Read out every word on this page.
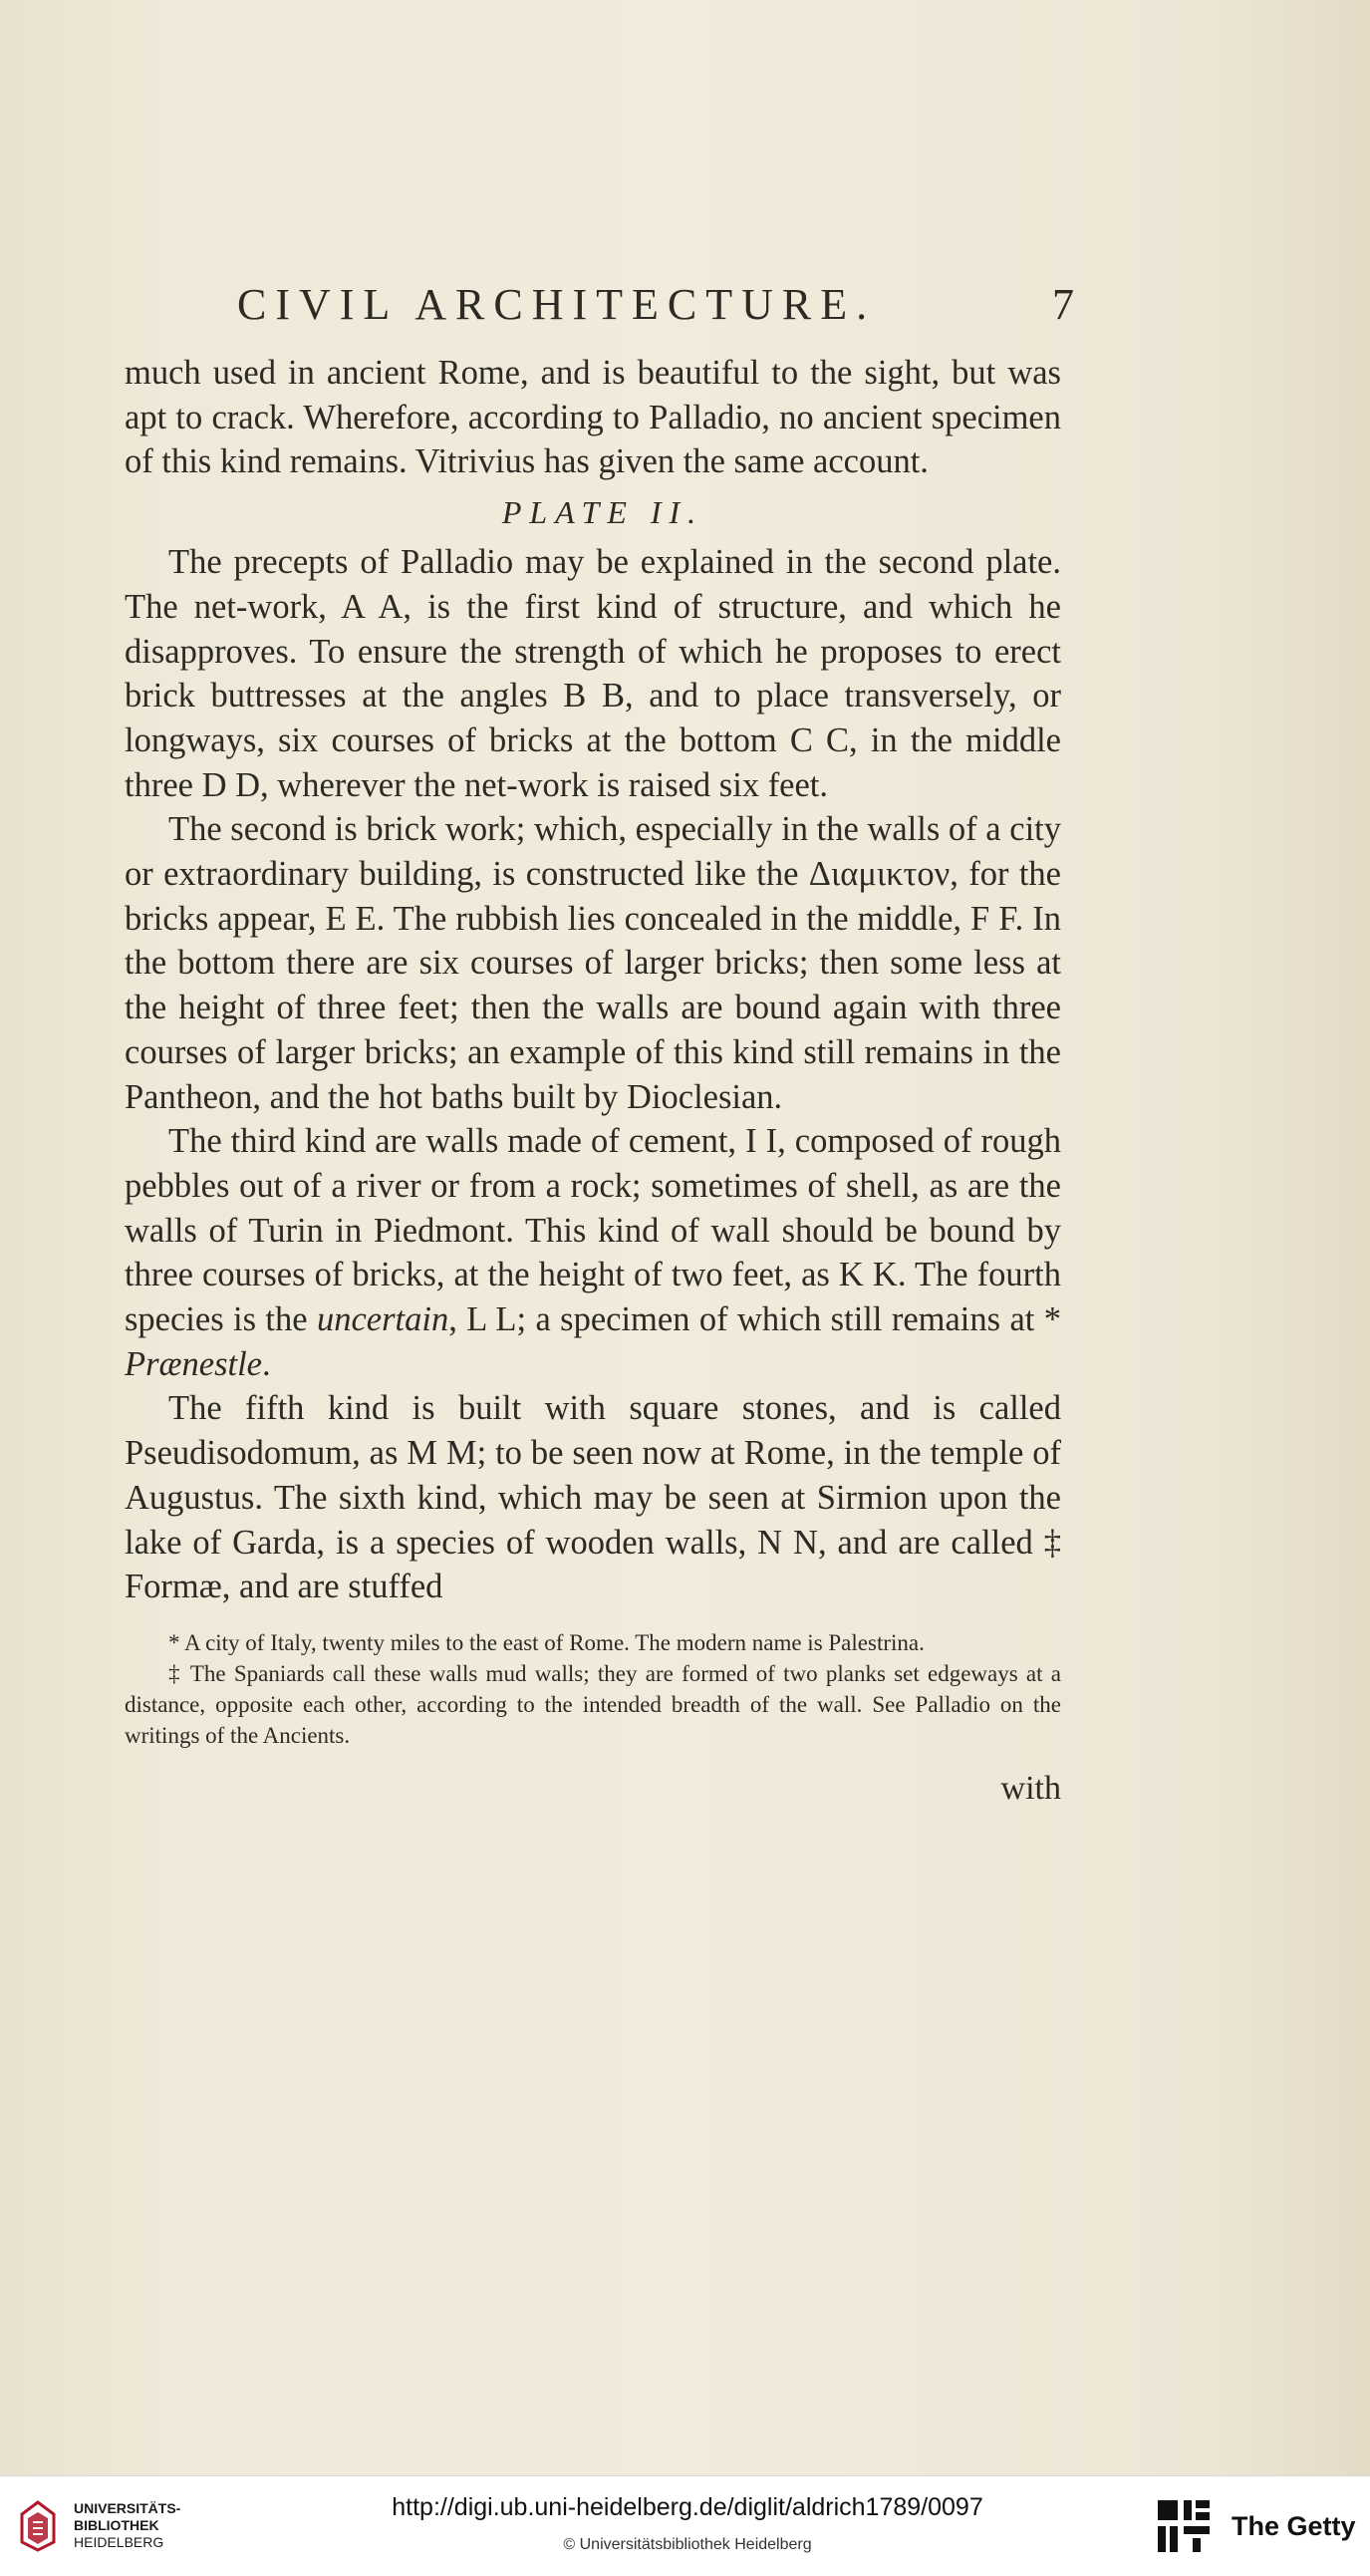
CIVIL ARCHITECTURE.	7

much used in ancient Rome, and is beautiful to the sight, but was apt to crack. Wherefore, according to Palladio, no ancient specimen of this kind remains. Vitrivius has given the same account.

PLATE II.

The precepts of Palladio may be explained in the second plate. The net-work, A A, is the first kind of structure, and which he disapproves. To ensure the strength of which he proposes to erect brick buttresses at the angles B B, and to place transversely, or longways, six courses of bricks at the bottom C C, in the middle three D D, wherever the net-work is raised six feet.

The second is brick work; which, especially in the walls of a city or extraordinary building, is constructed like the Διαμικτον, for the bricks appear, E E. The rubbish lies concealed in the middle, F F. In the bottom there are six courses of larger bricks; then some less at the height of three feet; then the walls are bound again with three courses of larger bricks; an example of this kind still remains in the Pantheon, and the hot baths built by Dioclesian.

The third kind are walls made of cement, I I, composed of rough pebbles out of a river or from a rock; sometimes of shell, as are the walls of Turin in Piedmont. This kind of wall should be bound by three courses of bricks, at the height of two feet, as K K. The fourth species is the uncertain, L L; a specimen of which still remains at * Prænestle.

The fifth kind is built with square stones, and is called Pseudisodomum, as M M; to be seen now at Rome, in the temple of Augustus. The sixth kind, which may be seen at Sirmion upon the lake of Garda, is a species of wooden walls, N N, and are called ‡ Formæ, and are stuffed

* A city of Italy, twenty miles to the east of Rome. The modern name is Palestrina.

‡ The Spaniards call these walls mud walls; they are formed of two planks set edgeways at a distance, opposite each other, according to the intended breadth of the wall. See Palladio on the writings of the Ancients.

with

UNIVERSITÄTS-
BIBLIOTHEK
HEIDELBERG
http://digi.ub.uni-heidelberg.de/diglit/aldrich1789/0097
© Universitätsbibliothek Heidelberg
The Getty
